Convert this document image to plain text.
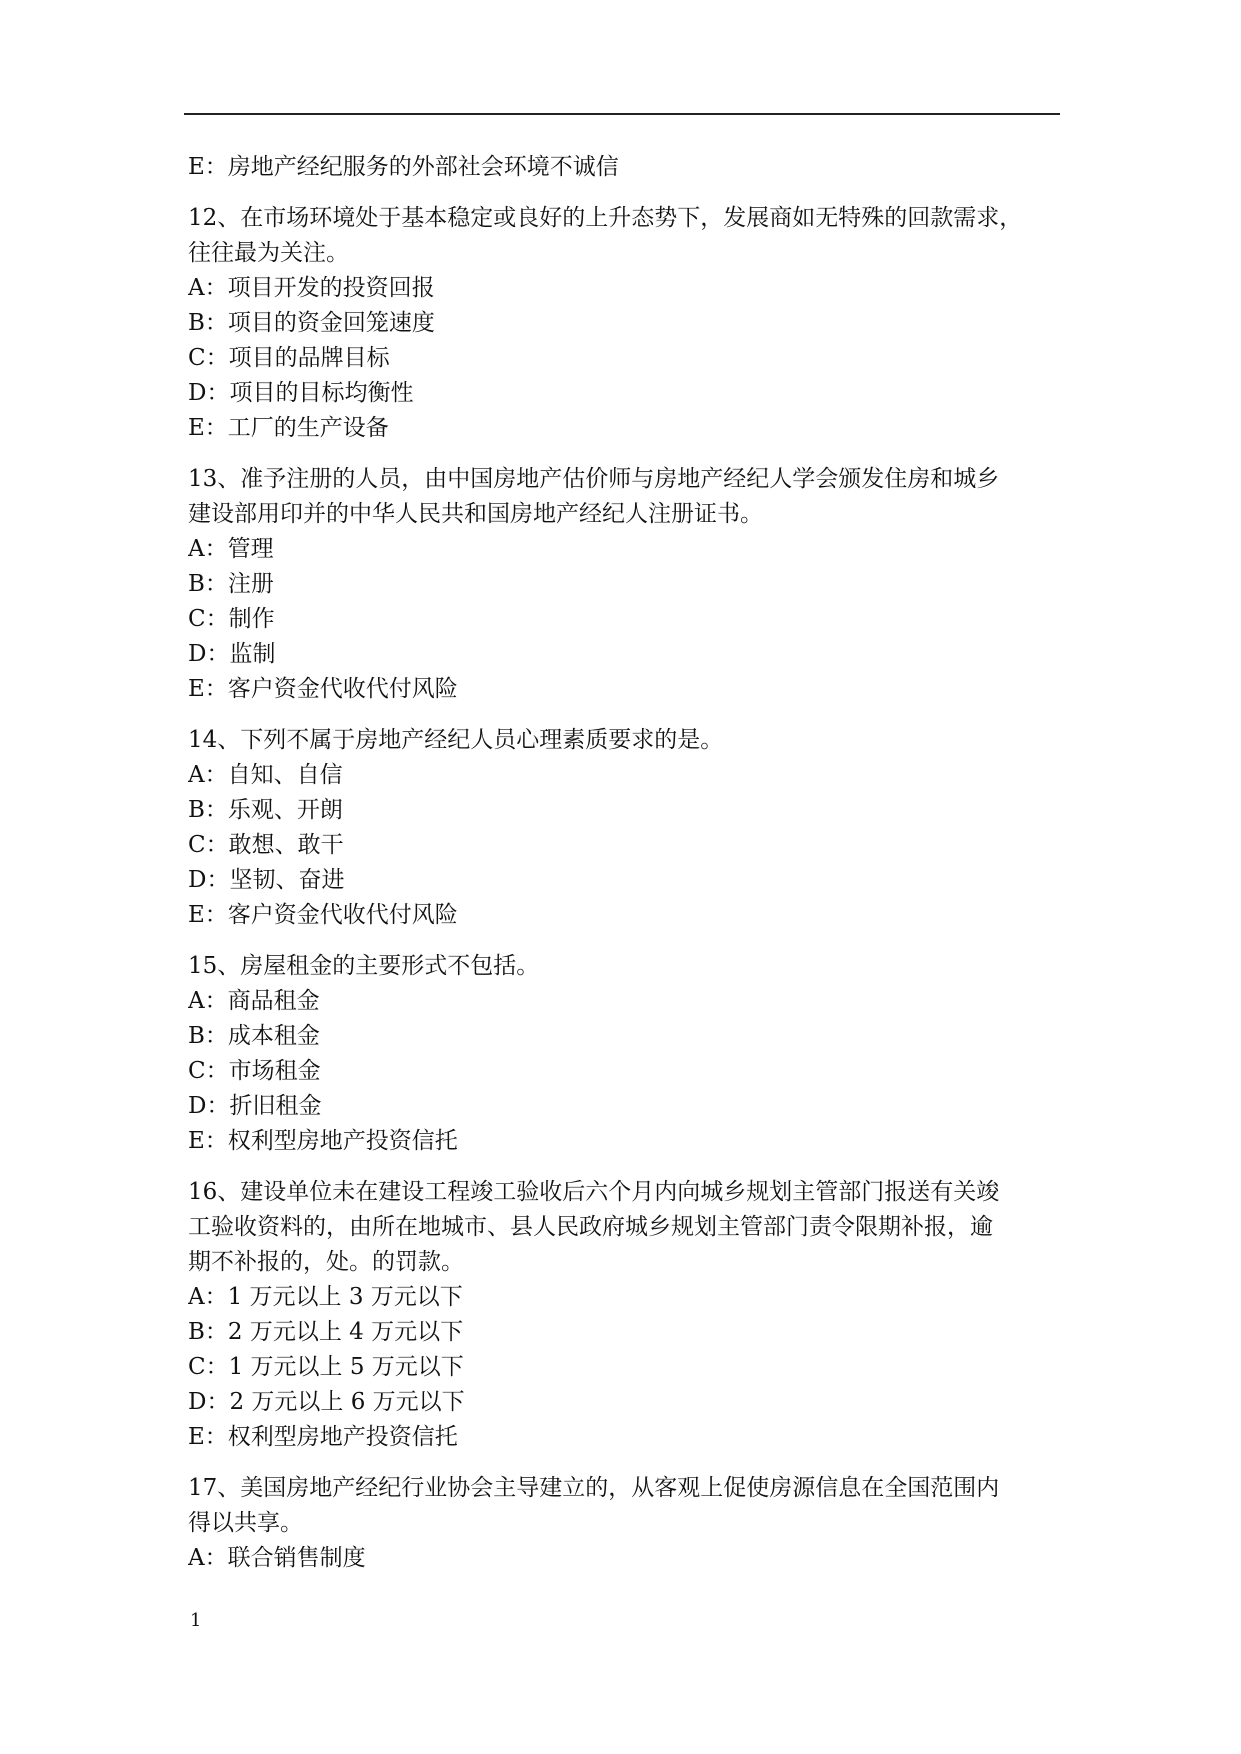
E：房地产经纪服务的外部社会环境不诚信
12、在市场环境处于基本稳定或良好的上升态势下，发展商如无特殊的回款需求，
往往最为关注。
A：项目开发的投资回报
B：项目的资金回笼速度
C：项目的品牌目标
D：项目的目标均衡性
E：工厂的生产设备
13、准予注册的人员，由中国房地产估价师与房地产经纪人学会颁发住房和城乡
建设部用印并的中华人民共和国房地产经纪人注册证书。
A：管理
B：注册
C：制作
D：监制
E：客户资金代收代付风险
14、下列不属于房地产经纪人员心理素质要求的是。
A：自知、自信
B：乐观、开朗
C：敢想、敢干
D：坚韧、奋进
E：客户资金代收代付风险
15、房屋租金的主要形式不包括。
A：商品租金
B：成本租金
C：市场租金
D：折旧租金
E：权利型房地产投资信托
16、建设单位未在建设工程竣工验收后六个月内向城乡规划主管部门报送有关竣
工验收资料的，由所在地城市、县人民政府城乡规划主管部门责令限期补报，逾
期不补报的，处。的罚款。
A：1 万元以上 3 万元以下
B：2 万元以上 4 万元以下
C：1 万元以上 5 万元以下
D：2 万元以上 6 万元以下
E：权利型房地产投资信托
17、美国房地产经纪行业协会主导建立的，从客观上促使房源信息在全国范围内
得以共享。
A：联合销售制度
1
